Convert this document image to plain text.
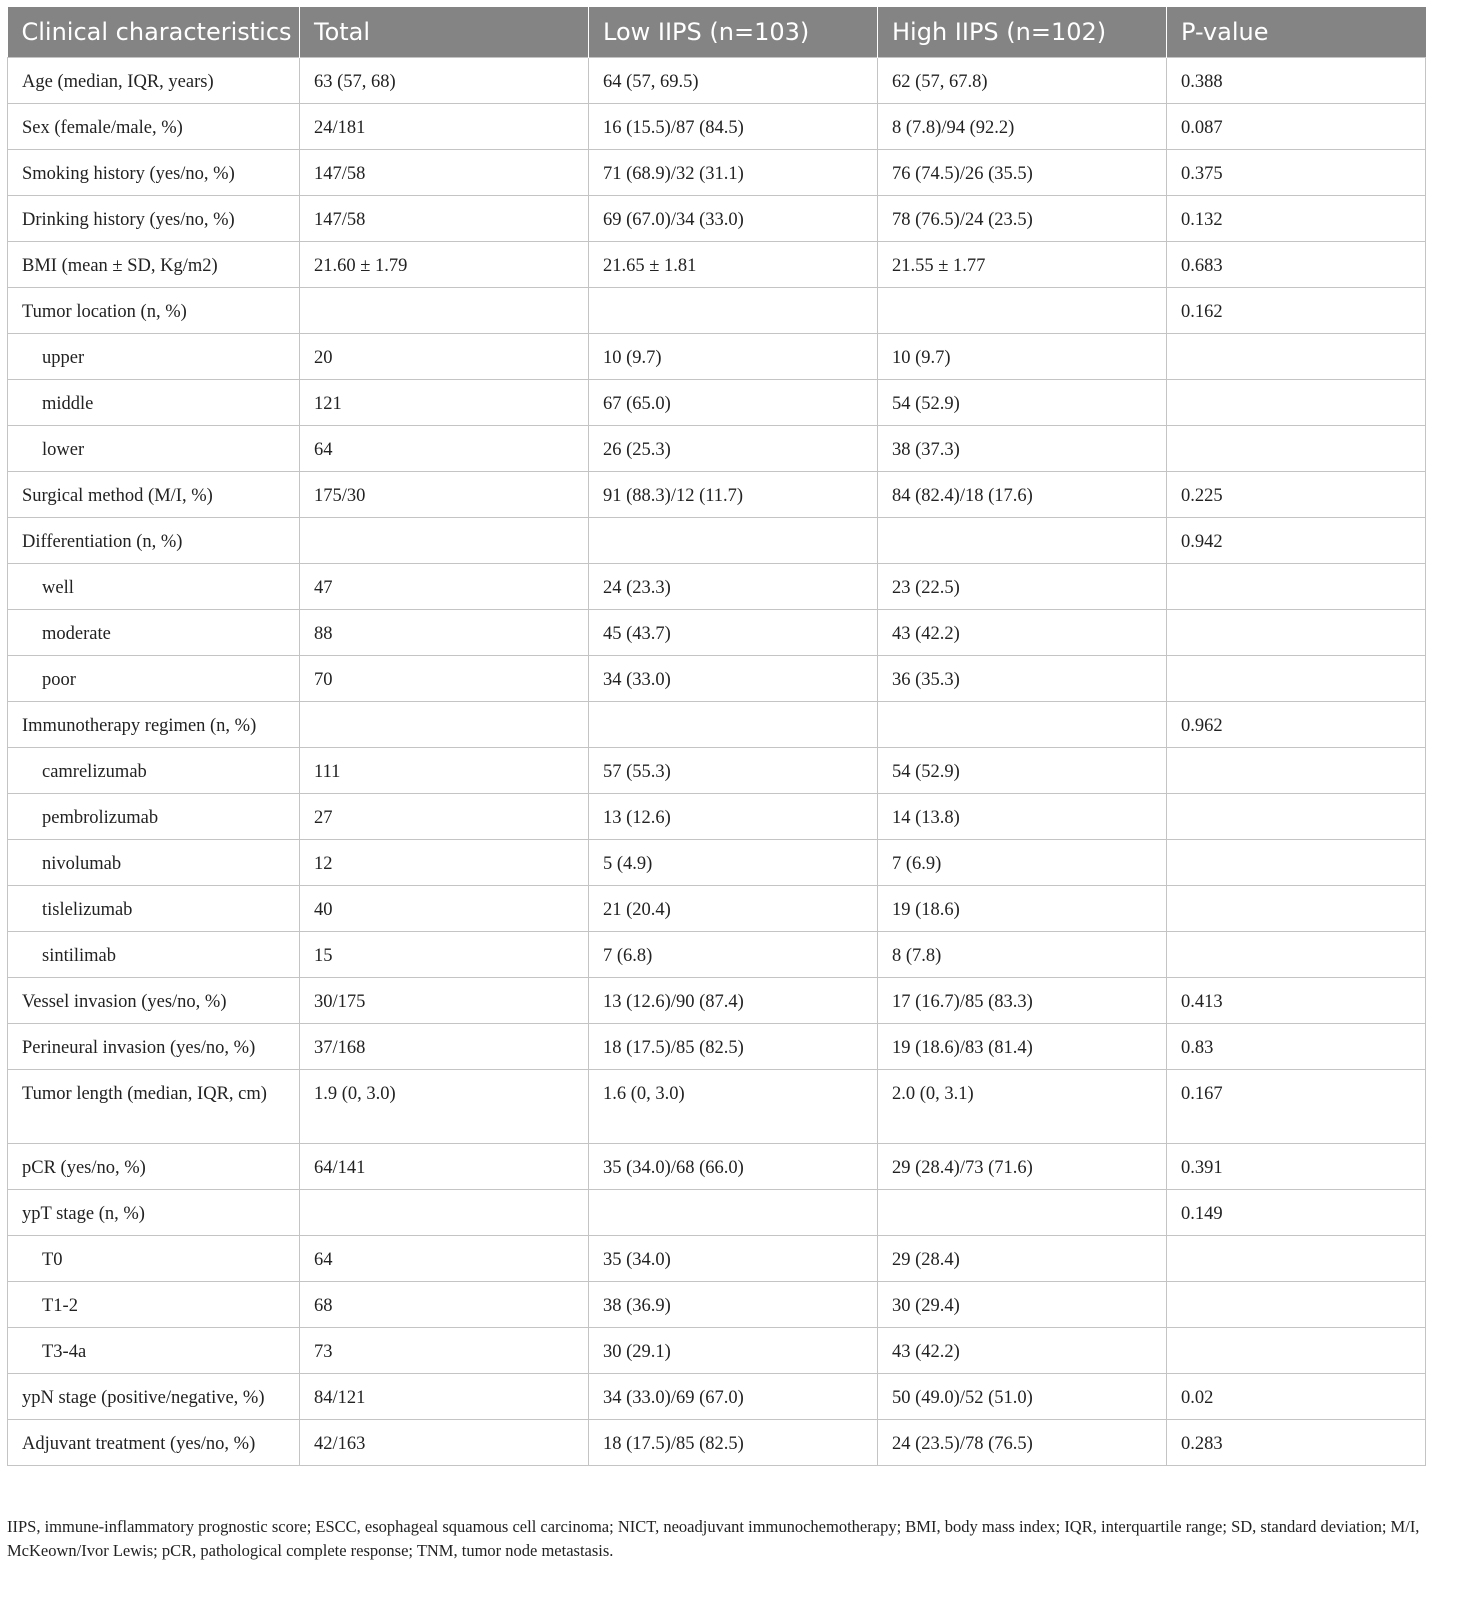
Clinical characteristics	Total	Low IIPS (n=103)	High IIPS (n=102)	P-value
Age (median, IQR, years)	63 (57, 68)	64 (57, 69.5)	62 (57, 67.8)	0.388
Sex (female/male, %)	24/181	16 (15.5)/87 (84.5)	8 (7.8)/94 (92.2)	0.087
Smoking history (yes/no, %)	147/58	71 (68.9)/32 (31.1)	76 (74.5)/26 (35.5)	0.375
Drinking history (yes/no, %)	147/58	69 (67.0)/34 (33.0)	78 (76.5)/24 (23.5)	0.132
BMI (mean ± SD, Kg/m2)	21.60 ± 1.79	21.65 ± 1.81	21.55 ± 1.77	0.683
Tumor location (n, %)				0.162
upper	20	10 (9.7)	10 (9.7)	
middle	121	67 (65.0)	54 (52.9)	
lower	64	26 (25.3)	38 (37.3)	
Surgical method (M/I, %)	175/30	91 (88.3)/12 (11.7)	84 (82.4)/18 (17.6)	0.225
Differentiation (n, %)				0.942
well	47	24 (23.3)	23 (22.5)	
moderate	88	45 (43.7)	43 (42.2)	
poor	70	34 (33.0)	36 (35.3)	
Immunotherapy regimen (n, %)				0.962
camrelizumab	111	57 (55.3)	54 (52.9)	
pembrolizumab	27	13 (12.6)	14 (13.8)	
nivolumab	12	5 (4.9)	7 (6.9)	
tislelizumab	40	21 (20.4)	19 (18.6)	
sintilimab	15	7 (6.8)	8 (7.8)	
Vessel invasion (yes/no, %)	30/175	13 (12.6)/90 (87.4)	17 (16.7)/85 (83.3)	0.413
Perineural invasion (yes/no, %)	37/168	18 (17.5)/85 (82.5)	19 (18.6)/83 (81.4)	0.83
Tumor length (median, IQR, cm)	1.9 (0, 3.0)	1.6 (0, 3.0)	2.0 (0, 3.1)	0.167
pCR (yes/no, %)	64/141	35 (34.0)/68 (66.0)	29 (28.4)/73 (71.6)	0.391
ypT stage (n, %)				0.149
T0	64	35 (34.0)	29 (28.4)	
T1-2	68	38 (36.9)	30 (29.4)	
T3-4a	73	30 (29.1)	43 (42.2)	
ypN stage (positive/negative, %)	84/121	34 (33.0)/69 (67.0)	50 (49.0)/52 (51.0)	0.02
Adjuvant treatment (yes/no, %)	42/163	18 (17.5)/85 (82.5)	24 (23.5)/78 (76.5)	0.283
IIPS, immune-inflammatory prognostic score; ESCC, esophageal squamous cell carcinoma; NICT, neoadjuvant immunochemotherapy; BMI, body mass index; IQR, interquartile range; SD, standard deviation; M/I, McKeown/Ivor Lewis; pCR, pathological complete response; TNM, tumor node metastasis.
